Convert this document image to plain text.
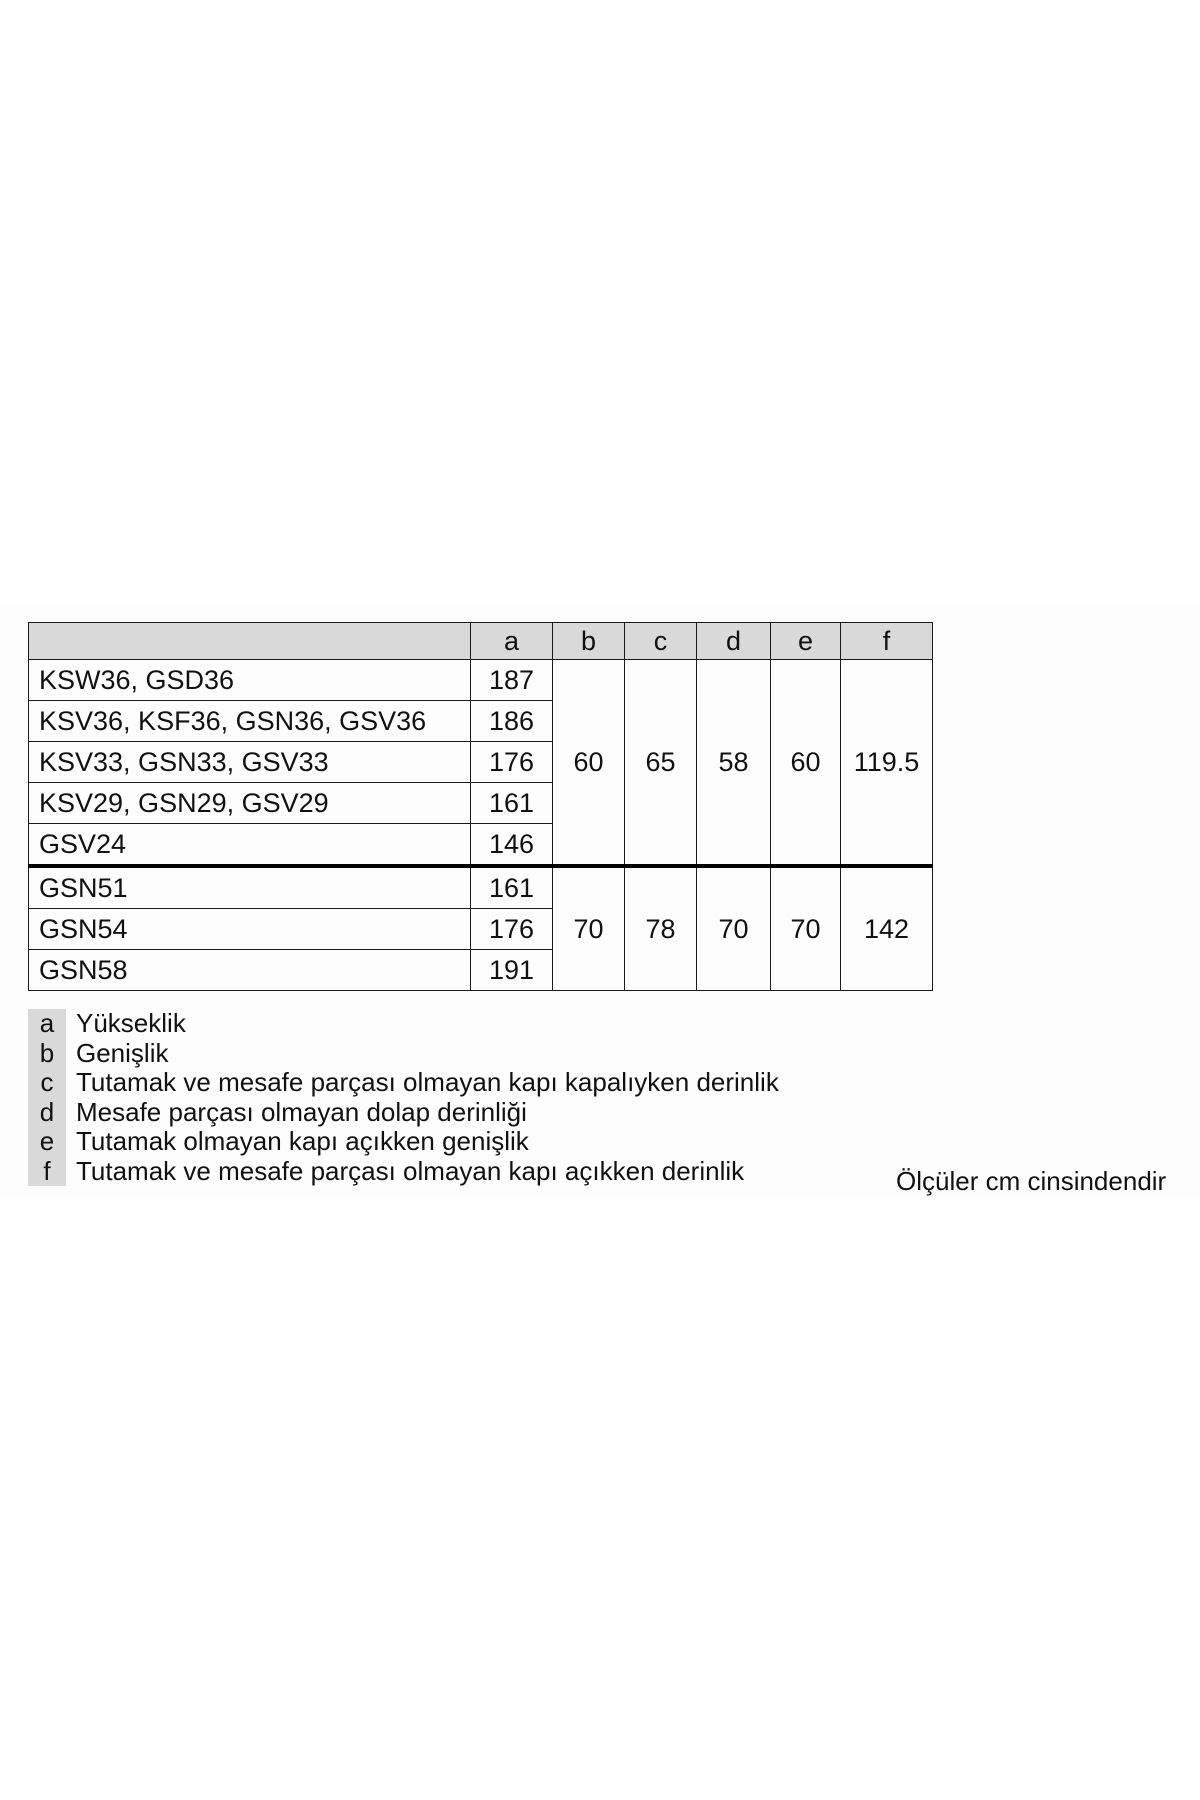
	a	b	c	d	e	f
KSW36, GSD36	187	60	65	58	60	119.5
KSV36, KSF36, GSN36, GSV36	186					
KSV33, GSN33, GSV33	176					
KSV29, GSN29, GSV29	161					
GSV24	146					
GSN51	161	70	78	70	70	142
GSN54	176					
GSN58	191					
a Yükseklik
b Genişlik
c Tutamak ve mesafe parçası olmayan kapı kapalıyken derinlik
d Mesafe parçası olmayan dolap derinliği
e Tutamak olmayan kapı açıkken genişlik
f Tutamak ve mesafe parçası olmayan kapı açıkken derinlik	Ölçüler cm cinsindendir
